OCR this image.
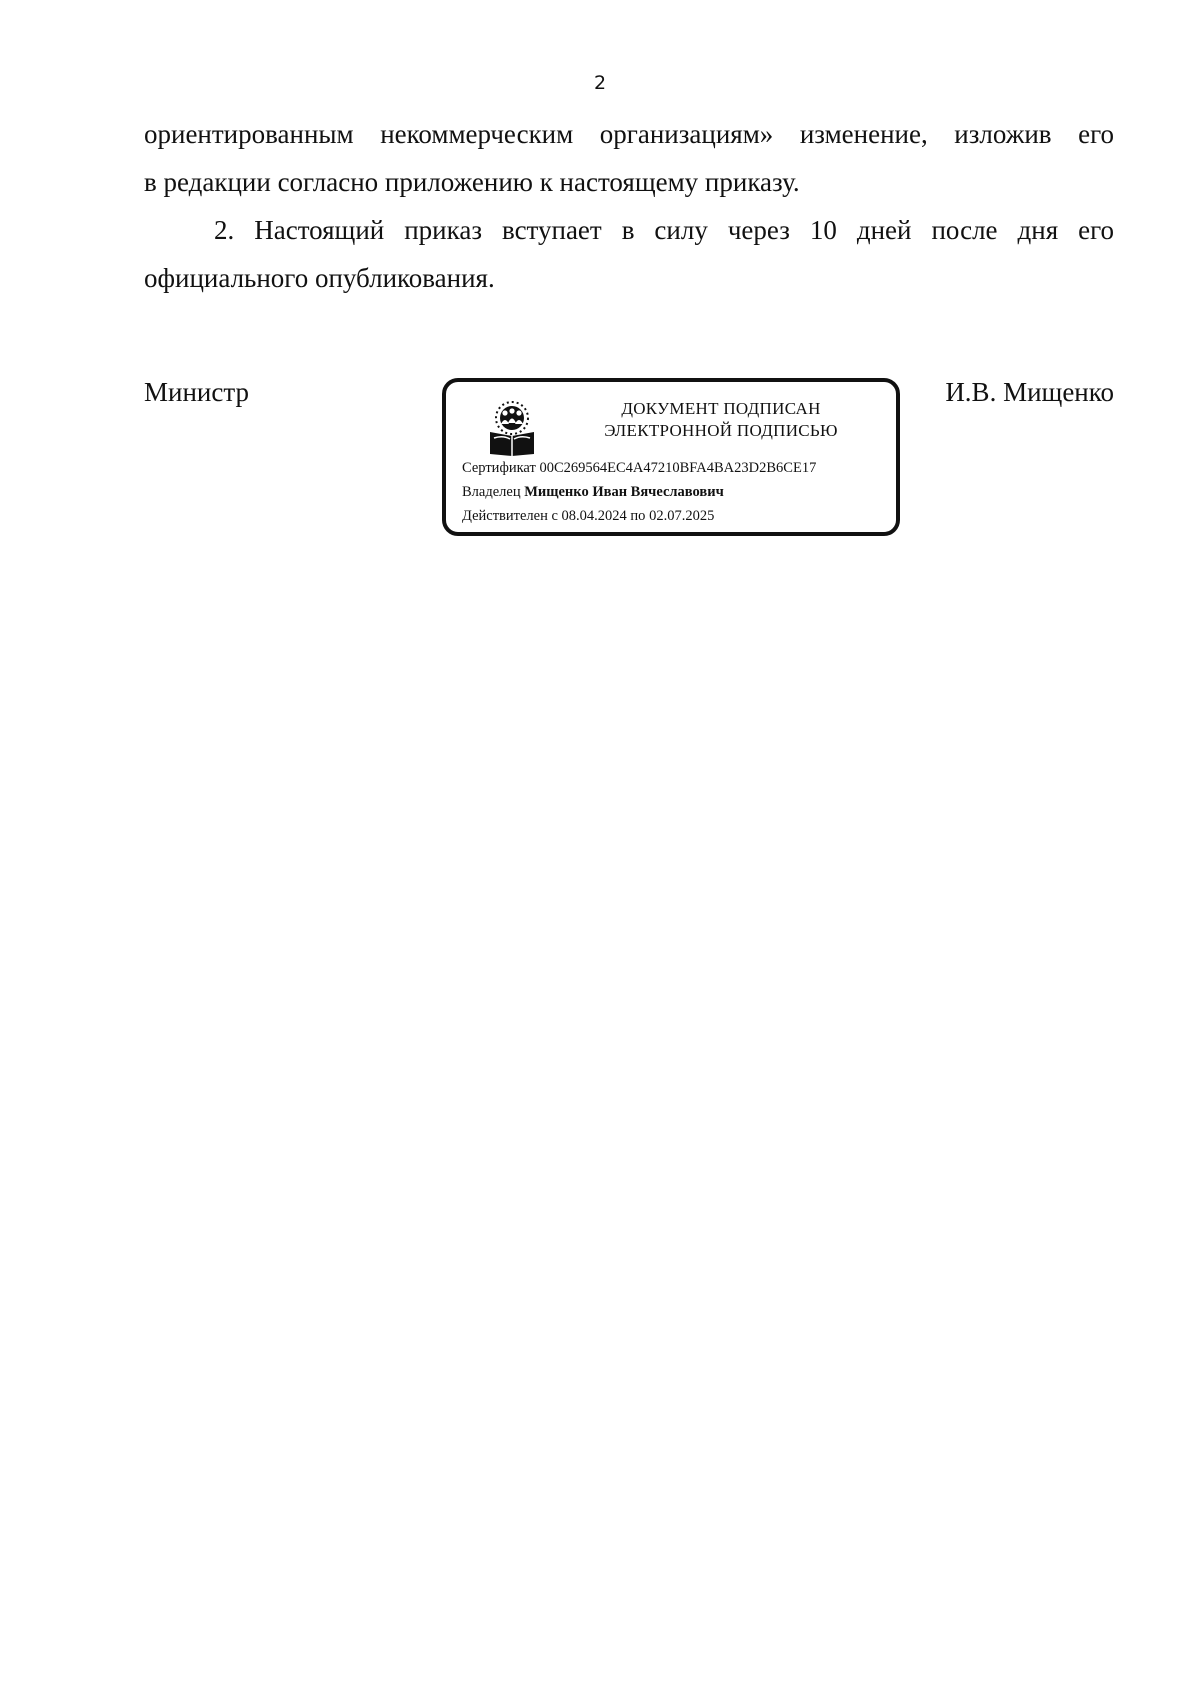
2
ориентированным некоммерческим организациям» изменение, изложив его
в редакции согласно приложению к настоящему приказу.
2. Настоящий приказ вступает в силу через 10 дней после дня его
официального опубликования.
Министр	И.В. Мищенко
ДОКУМЕНТ ПОДПИСАН
ЭЛЕКТРОННОЙ ПОДПИСЬЮ
Сертификат 00C269564EC4A47210BFA4BA23D2B6CE17
Владелец Мищенко Иван Вячеславович
Действителен с 08.04.2024 по 02.07.2025
